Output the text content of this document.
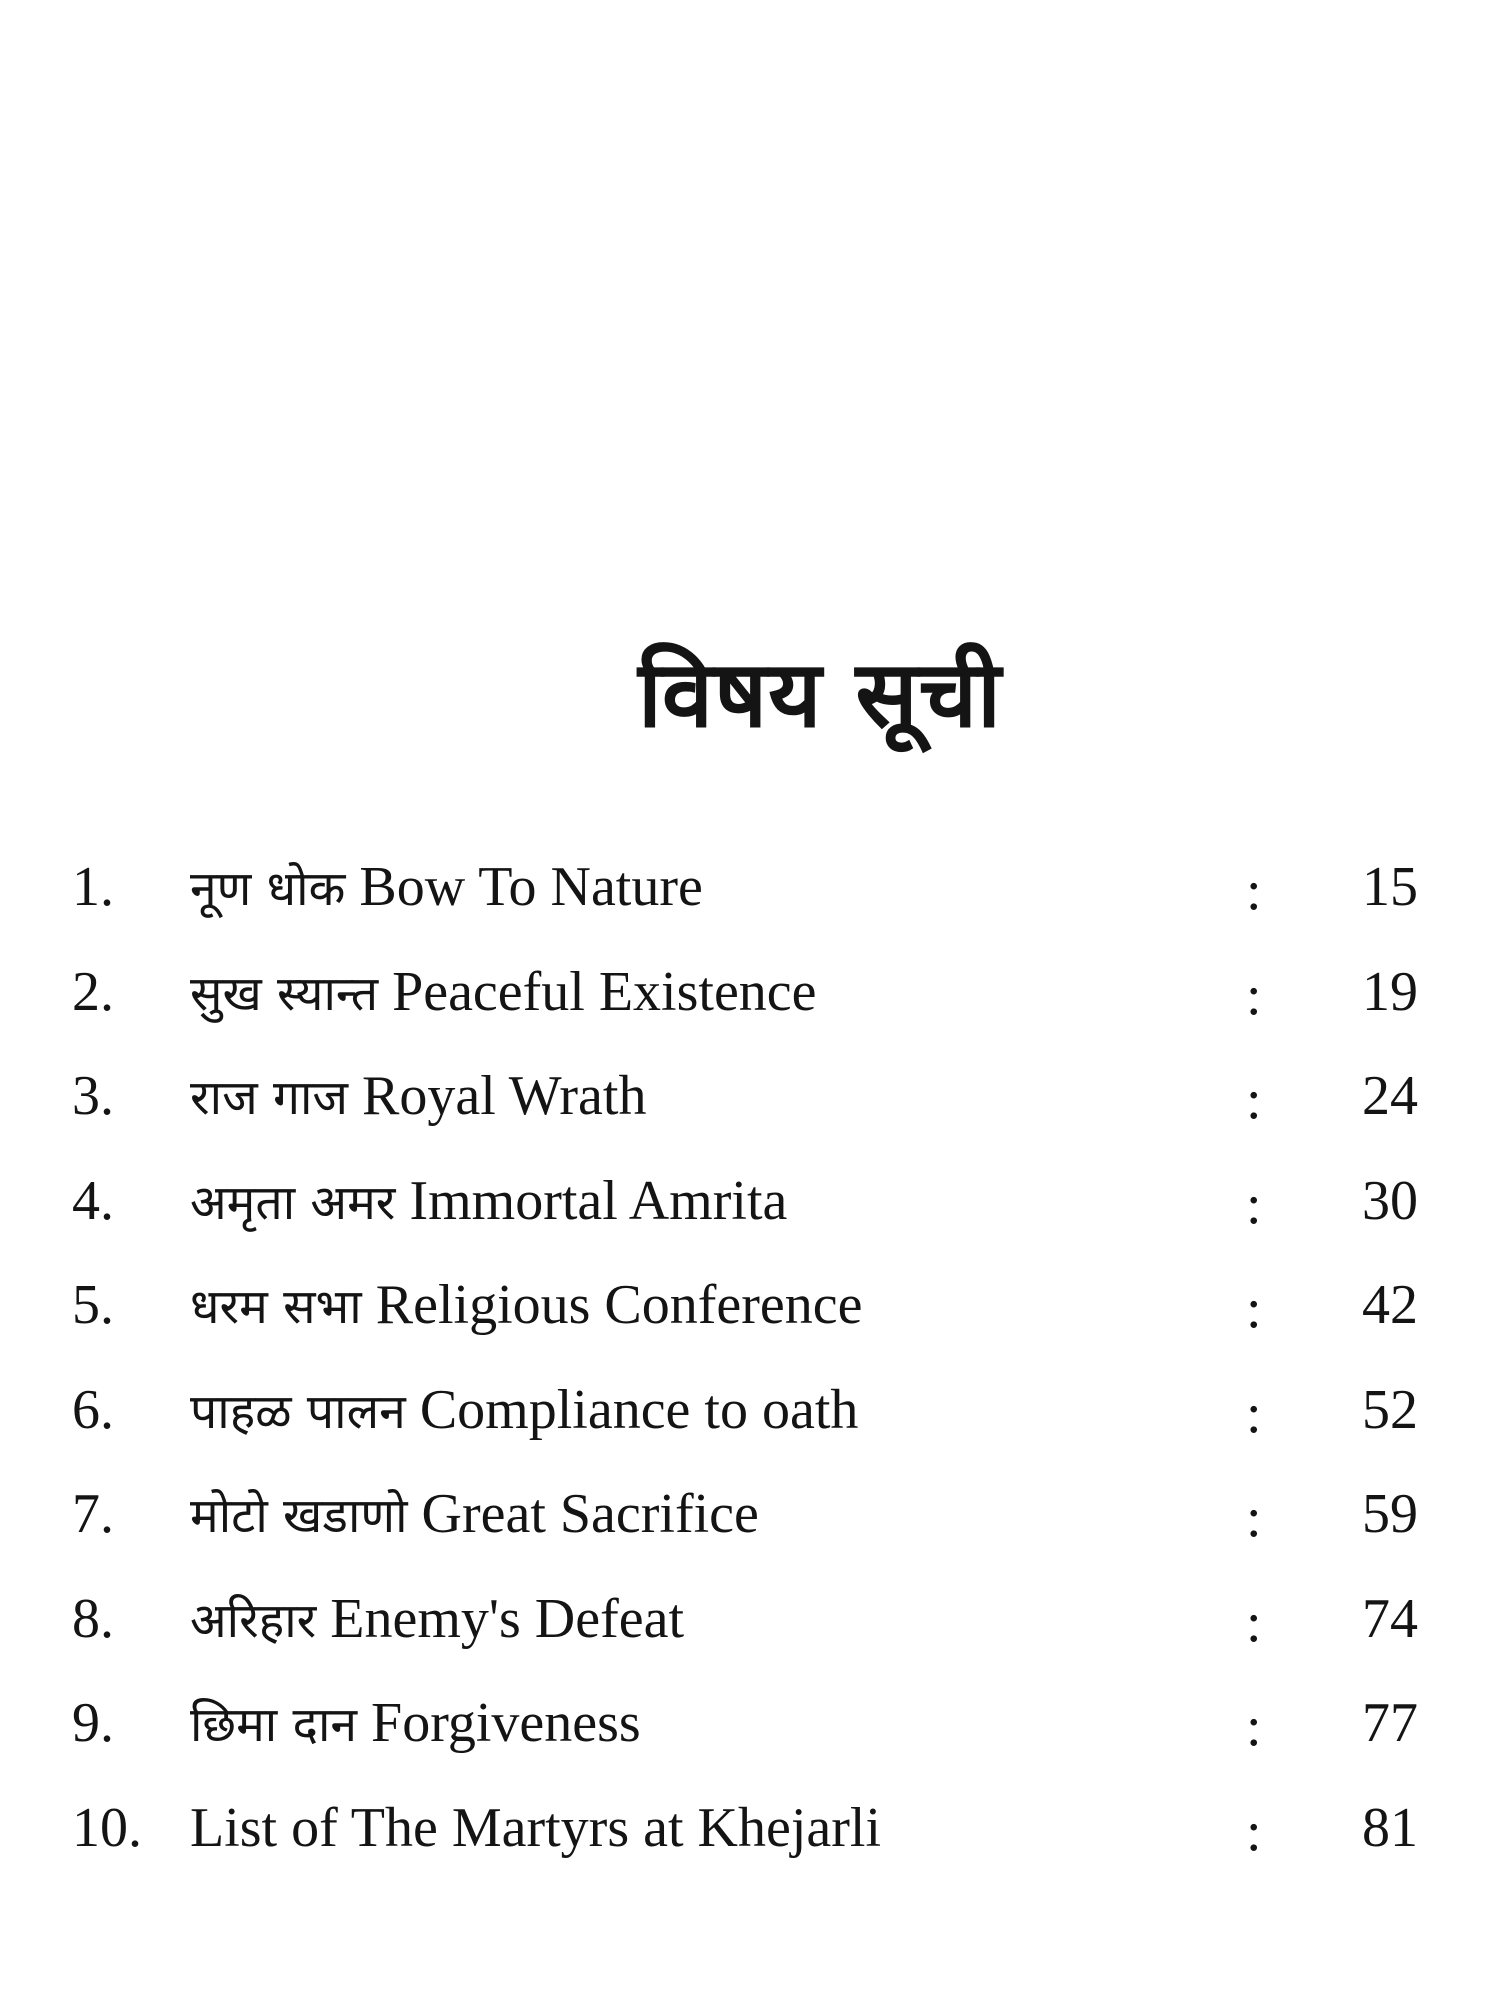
विषय सूची
1. नूण धोक Bow To Nature	: 15
2. सुख स्यान्त Peaceful Existence	: 19
3. राज गाज Royal Wrath	: 24
4. अमृता अमर Immortal Amrita	: 30
5. धरम सभा Religious Conference	: 42
6. पाहळ पालन Compliance to oath	: 52
7. मोटो खडाणो Great Sacrifice	: 59
8. अरिहार Enemy's Defeat	: 74
9. छिमा दान Forgiveness	: 77
10. List of The Martyrs at Khejarli	: 81
